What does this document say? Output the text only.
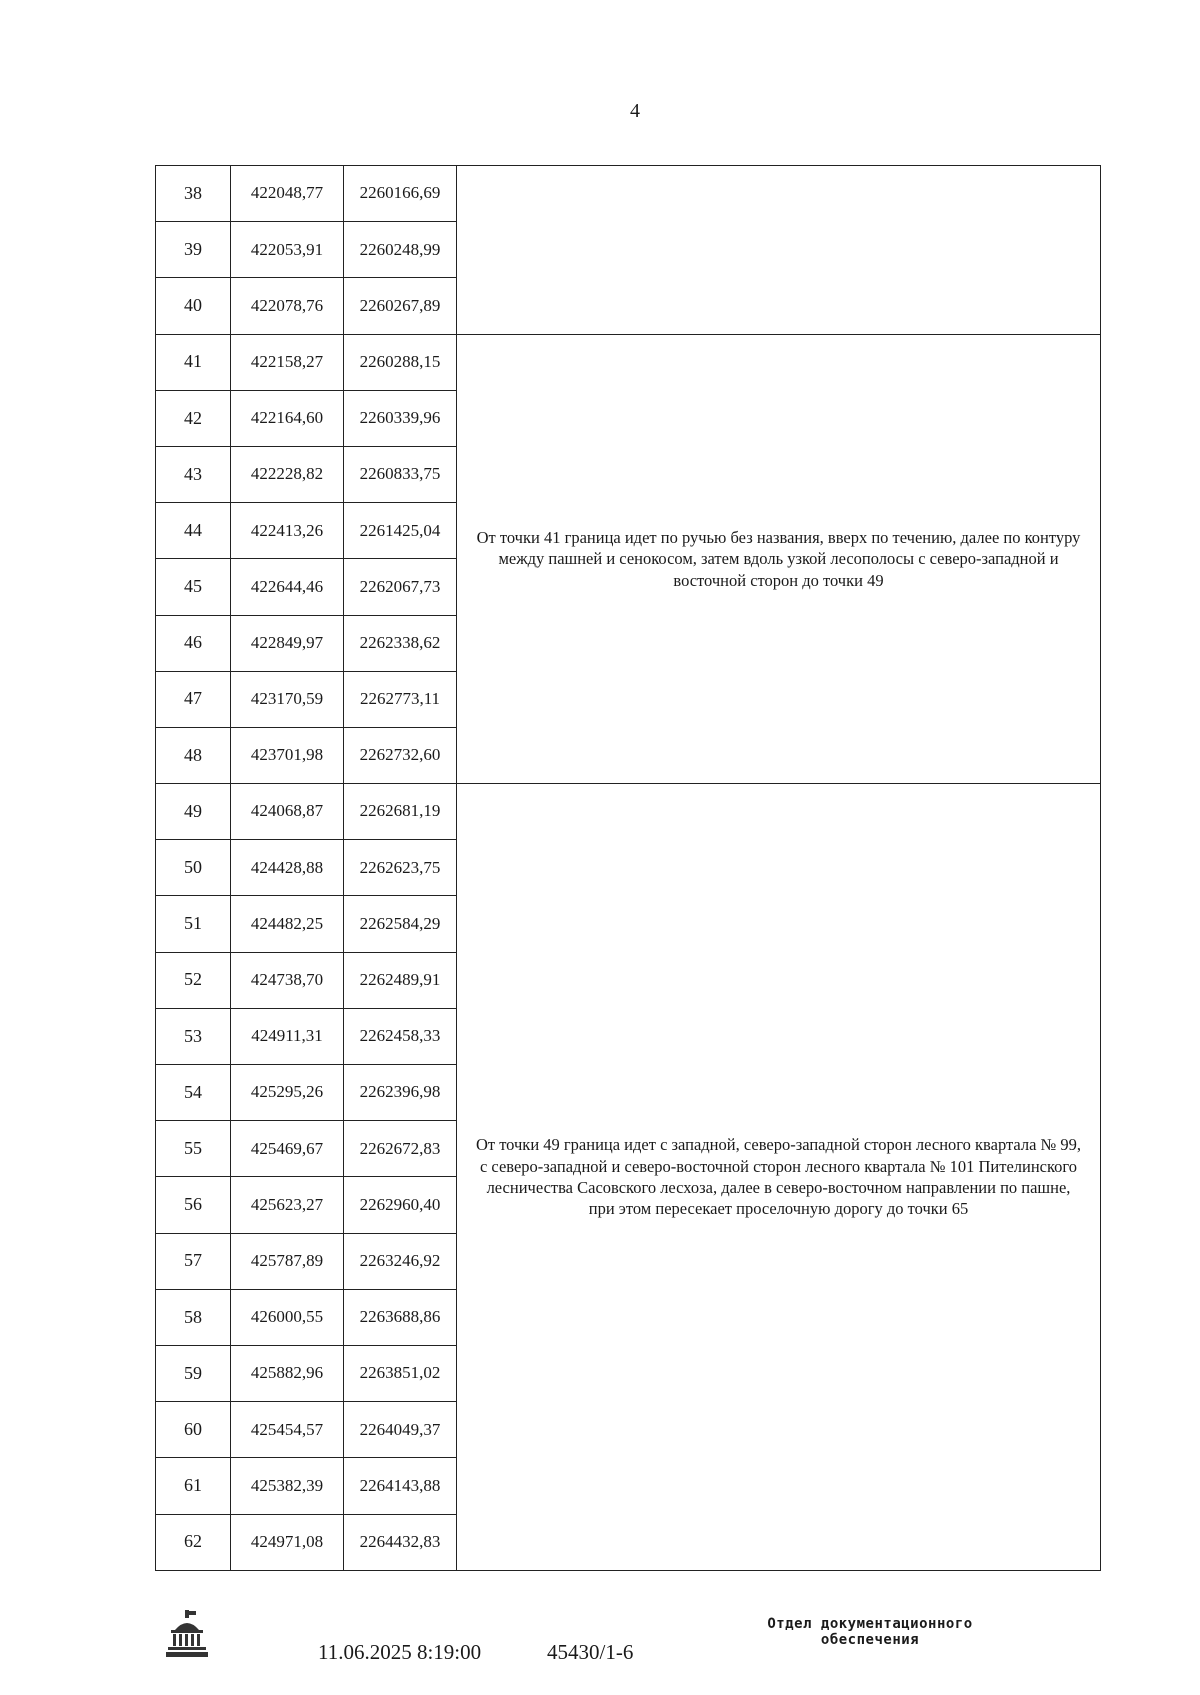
4
38	422048,77	2260166,69	
39	422053,91	2260248,99	
40	422078,76	2260267,89	
41	422158,27	2260288,15	От точки 41 граница идет по ручью без названия, вверх по течению, далее по контуру между пашней и сенокосом, затем вдоль узкой лесополосы с северо-западной и восточной сторон до точки 49
42	422164,60	2260339,96	
43	422228,82	2260833,75	
44	422413,26	2261425,04	
45	422644,46	2262067,73	
46	422849,97	2262338,62	
47	423170,59	2262773,11	
48	423701,98	2262732,60	
49	424068,87	2262681,19	От точки 49 граница идет с западной, северо-западной сторон лесного квартала № 99, с северо-западной и северо-восточной сторон лесного квартала № 101 Пителинского лесничества Сасовского лесхоза, далее в северо-восточном направлении по пашне, при этом пересекает проселочную дорогу до точки 65
50	424428,88	2262623,75	
51	424482,25	2262584,29	
52	424738,70	2262489,91	
53	424911,31	2262458,33	
54	425295,26	2262396,98	
55	425469,67	2262672,83	
56	425623,27	2262960,40	
57	425787,89	2263246,92	
58	426000,55	2263688,86	
59	425882,96	2263851,02	
60	425454,57	2264049,37	
61	425382,39	2264143,88	
62	424971,08	2264432,83	
11.06.2025 8:19:00	45430/1-6
Отдел документационного
обеспечения
